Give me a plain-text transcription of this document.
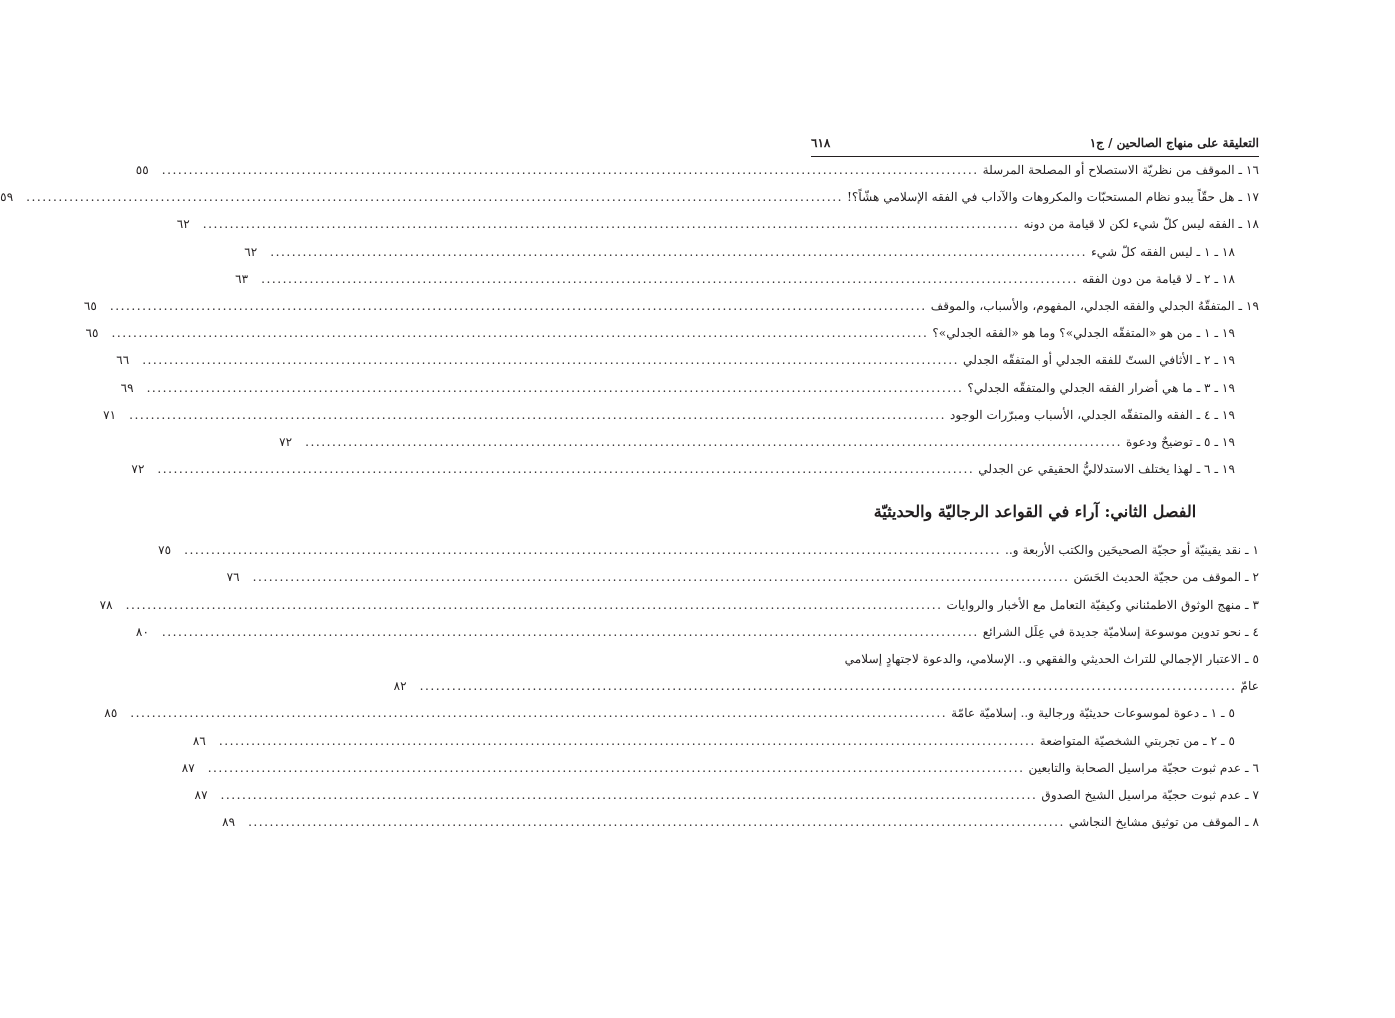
التعليقة على منهاج الصالحين / ج١
٦١٨
١٦ ـ الموقف من نظريّة الاستصلاح أو المصلحة المرسلة
........................................................................................................................................................
٥٥
١٧ ـ هل حقّاً يبدو نظام المستحبّات والمكروهات والآداب في الفقه الإسلامي هشّاً؟!
........................................................................................................................................................
٥٩
١٨ ـ الفقه ليس كلّ شيء لكن لا قيامة من دونه
........................................................................................................................................................
٦٢
١٨ ـ ١ ـ ليس الفقه كلّ شيء
........................................................................................................................................................
٦٢
١٨ ـ ٢ ـ لا قيامة من دون الفقه
........................................................................................................................................................
٦٣
١٩ ـ المتفقّهُ الجدلي والفقه الجدلي، المفهوم، والأسباب، والموقف
........................................................................................................................................................
٦٥
١٩ ـ ١ ـ من هو «المتفقّه الجدلي»؟ وما هو «الفقه الجدلي»؟
........................................................................................................................................................
٦٥
١٩ ـ ٢ ـ الأثافي الستّ للفقه الجدلي أو المتفقّه الجدلي
........................................................................................................................................................
٦٦
١٩ ـ ٣ ـ ما هي أضرار الفقه الجدلي والمتفقّه الجدلي؟
........................................................................................................................................................
٦٩
١٩ ـ ٤ ـ الفقه والمتفقّه الجدلي، الأسباب ومبرّرات الوجود
........................................................................................................................................................
٧١
١٩ ـ ٥ ـ توضيحٌ ودعوة
........................................................................................................................................................
٧٢
١٩ ـ ٦ ـ لهذا يختلف الاستدلاليُّ الحقيقي عن الجدلي
........................................................................................................................................................
٧٢
الفصل الثاني: آراء في القواعد الرجاليّة والحديثيّة
١ ـ نقد يقينيّة أو حجيّة الصحيحَين والكتب الأربعة و..
........................................................................................................................................................
٧٥
٢ ـ الموقف من حجيّة الحديث الحَسَن
........................................................................................................................................................
٧٦
٣ ـ منهج الوثوق الاطمئناني وكيفيّة التعامل مع الأخبار والروايات
........................................................................................................................................................
٧٨
٤ ـ نحو تدوين موسوعة إسلاميّة جديدة في عِلَل الشرائع
........................................................................................................................................................
٨٠
٥ ـ الاعتبار الإجمالي للتراث الحديثي والفقهي و.. الإسلامي، والدعوة لاجتهادٍ إسلامي
عامّ
........................................................................................................................................................
٨٢
٥ ـ ١ ـ دعوة لموسوعات حديثيّة ورجالية و.. إسلاميّة عامّة
........................................................................................................................................................
٨٥
٥ ـ ٢ ـ من تجربتي الشخصيّة المتواضعة
........................................................................................................................................................
٨٦
٦ ـ عدم ثبوت حجيّة مراسيل الصحابة والتابعين
........................................................................................................................................................
٨٧
٧ ـ عدم ثبوت حجيّة مراسيل الشيخ الصدوق
........................................................................................................................................................
٨٧
٨ ـ الموقف من توثيق مشايخ النجاشي
........................................................................................................................................................
٨٩
